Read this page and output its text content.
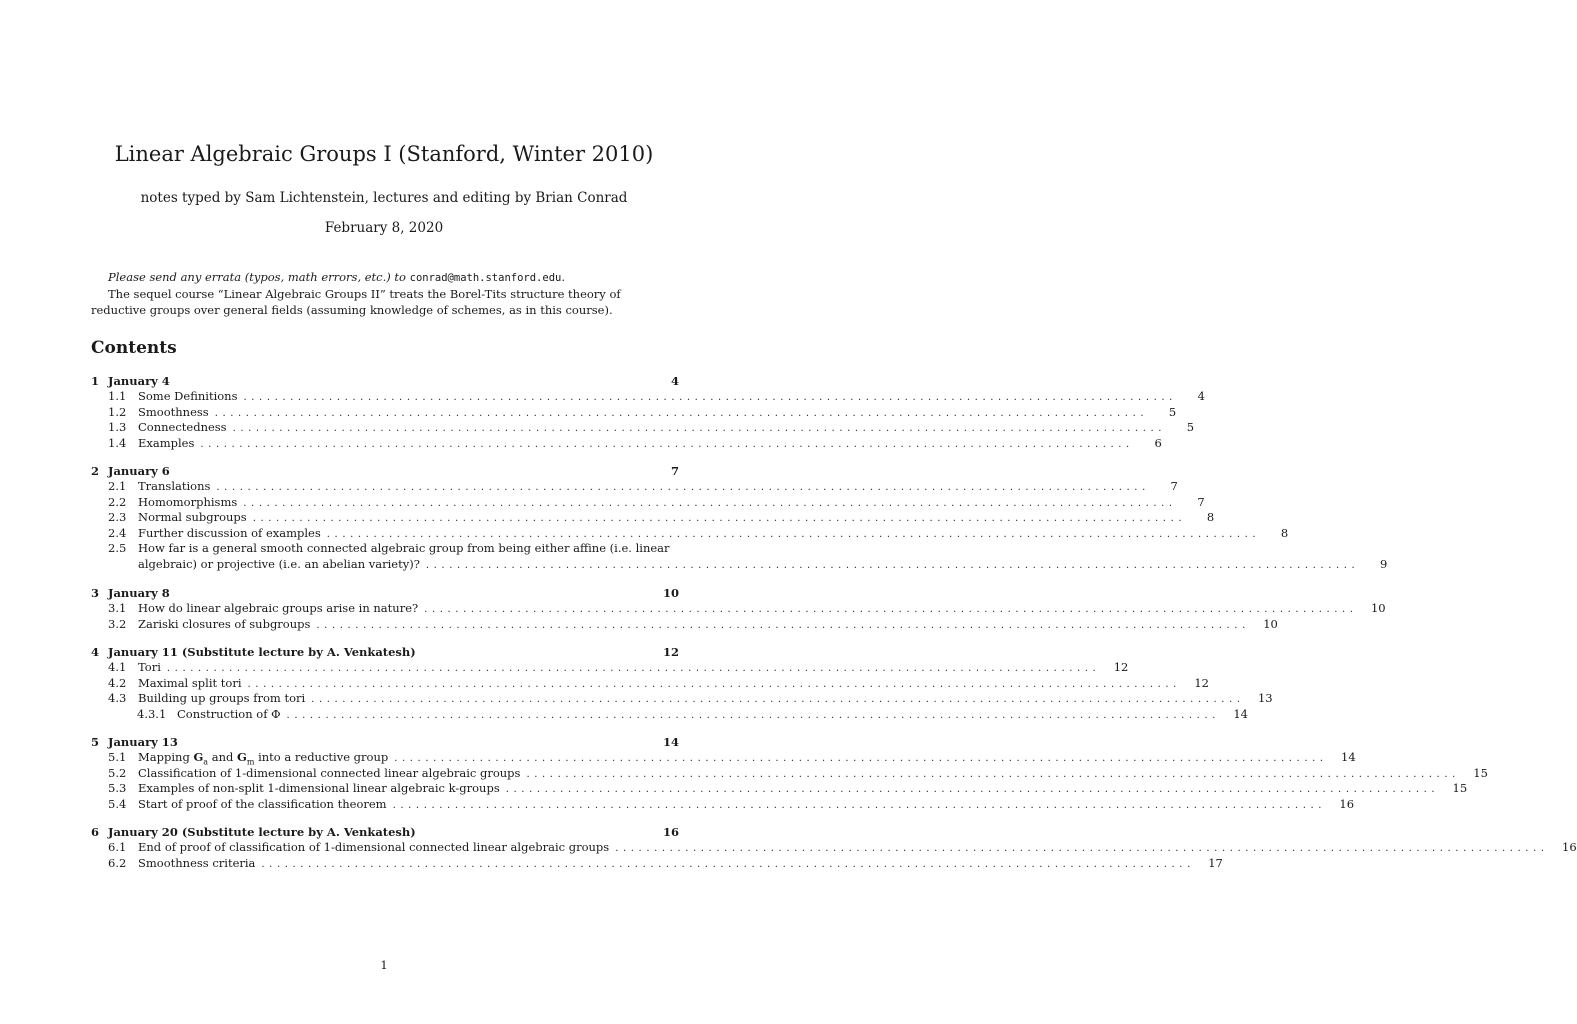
Linear Algebraic Groups I (Stanford, Winter 2010)
notes typed by Sam Lichtenstein, lectures and editing by Brian Conrad
February 8, 2020

Please send any errata (typos, math errors, etc.) to conrad@math.stanford.edu.

The sequel course “Linear Algebraic Groups II” treats the Borel-Tits structure theory of reductive groups over general fields (assuming knowledge of schemes, as in this course).

Contents
1 January 4	4
1.1	Some Definitions ........................................................................................................................	4
1.2	Smoothness ........................................................................................................................	5
1.3	Connectedness ........................................................................................................................	5
1.4	Examples ........................................................................................................................	6
2 January 6	7
2.1	Translations ........................................................................................................................	7
2.2	Homomorphisms ........................................................................................................................	7
2.3	Normal subgroups ........................................................................................................................	8
2.4	Further discussion of examples ........................................................................................................................	8
2.5	How far is a general smooth connected algebraic group from being either affine (i.e. linear
algebraic) or projective (i.e. an abelian variety)? ........................................................................................................................	9
3 January 8	10
3.1	How do linear algebraic groups arise in nature? ........................................................................................................................	10
3.2	Zariski closures of subgroups ........................................................................................................................	10
4 January 11 (Substitute lecture by A. Venkatesh)	12
4.1	Tori ........................................................................................................................	12
4.2	Maximal split tori ........................................................................................................................	12
4.3	Building up groups from tori ........................................................................................................................	13
4.3.1 Construction of Φ ........................................................................................................................	14
5 January 13	14
5.1	Mapping $G_a$ and $G_m$ into a reductive group ........................................................................................................................	14
5.2	Classification of 1-dimensional connected linear algebraic groups ........................................................................................................................	15
5.3	Examples of non-split 1-dimensional linear algebraic k-groups ........................................................................................................................	15
5.4	Start of proof of the classification theorem ........................................................................................................................	16
6 January 20 (Substitute lecture by A. Venkatesh)	16
6.1	End of proof of classification of 1-dimensional connected linear algebraic groups ........................................................................................................................	16
6.2	Smoothness criteria ........................................................................................................................	17
1
